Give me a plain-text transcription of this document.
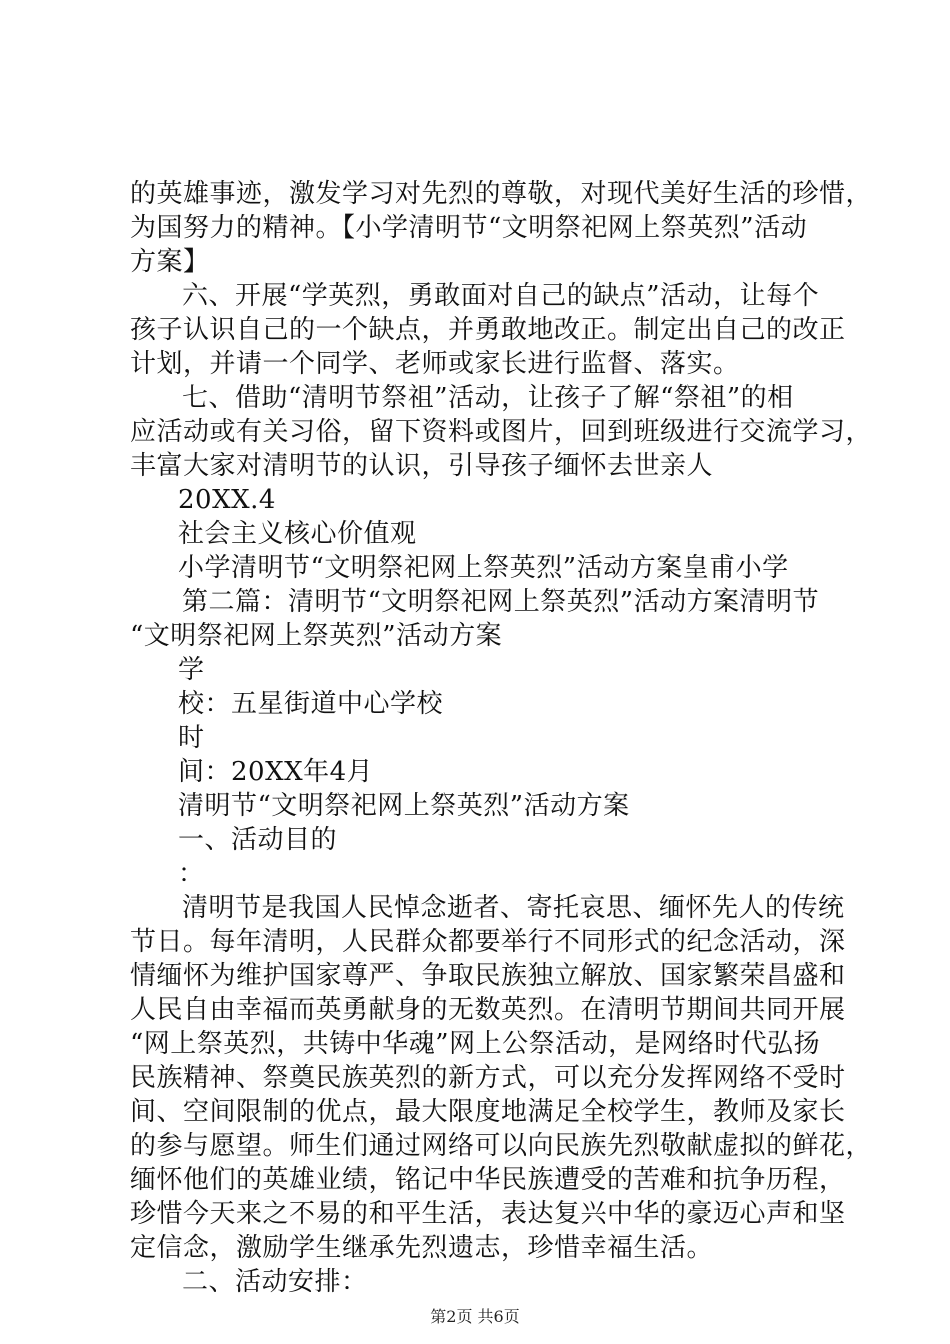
的英雄事迹，激发学习对先烈的尊敬，对现代美好生活的珍惜，
为国努力的精神。【小学清明节“文明祭祀网上祭英烈”活动
方案】
六、开展“学英烈，勇敢面对自己的缺点”活动，让每个
孩子认识自己的一个缺点，并勇敢地改正。制定出自己的改正
计划，并请一个同学、老师或家长进行监督、落实。
七、借助“清明节祭祖”活动，让孩子了解“祭祖”的相
应活动或有关习俗，留下资料或图片，回到班级进行交流学习，
丰富大家对清明节的认识，引导孩子缅怀去世亲人
20XX.4
社会主义核心价值观
小学清明节“文明祭祀网上祭英烈”活动方案皇甫小学
第二篇：清明节“文明祭祀网上祭英烈”活动方案清明节
“文明祭祀网上祭英烈”活动方案
学
校：五星街道中心学校
时
间：20XX年4月
清明节“文明祭祀网上祭英烈”活动方案
一、活动目的
：
清明节是我国人民悼念逝者、寄托哀思、缅怀先人的传统
节日。每年清明，人民群众都要举行不同形式的纪念活动，深
情缅怀为维护国家尊严、争取民族独立解放、国家繁荣昌盛和
人民自由幸福而英勇献身的无数英烈。在清明节期间共同开展
“网上祭英烈，共铸中华魂”网上公祭活动，是网络时代弘扬
民族精神、祭奠民族英烈的新方式，可以充分发挥网络不受时
间、空间限制的优点，最大限度地满足全校学生，教师及家长
的参与愿望。师生们通过网络可以向民族先烈敬献虚拟的鲜花，
缅怀他们的英雄业绩，铭记中华民族遭受的苦难和抗争历程，
珍惜今天来之不易的和平生活，表达复兴中华的豪迈心声和坚
定信念，激励学生继承先烈遗志，珍惜幸福生活。
二、活动安排：
第2页 共6页
